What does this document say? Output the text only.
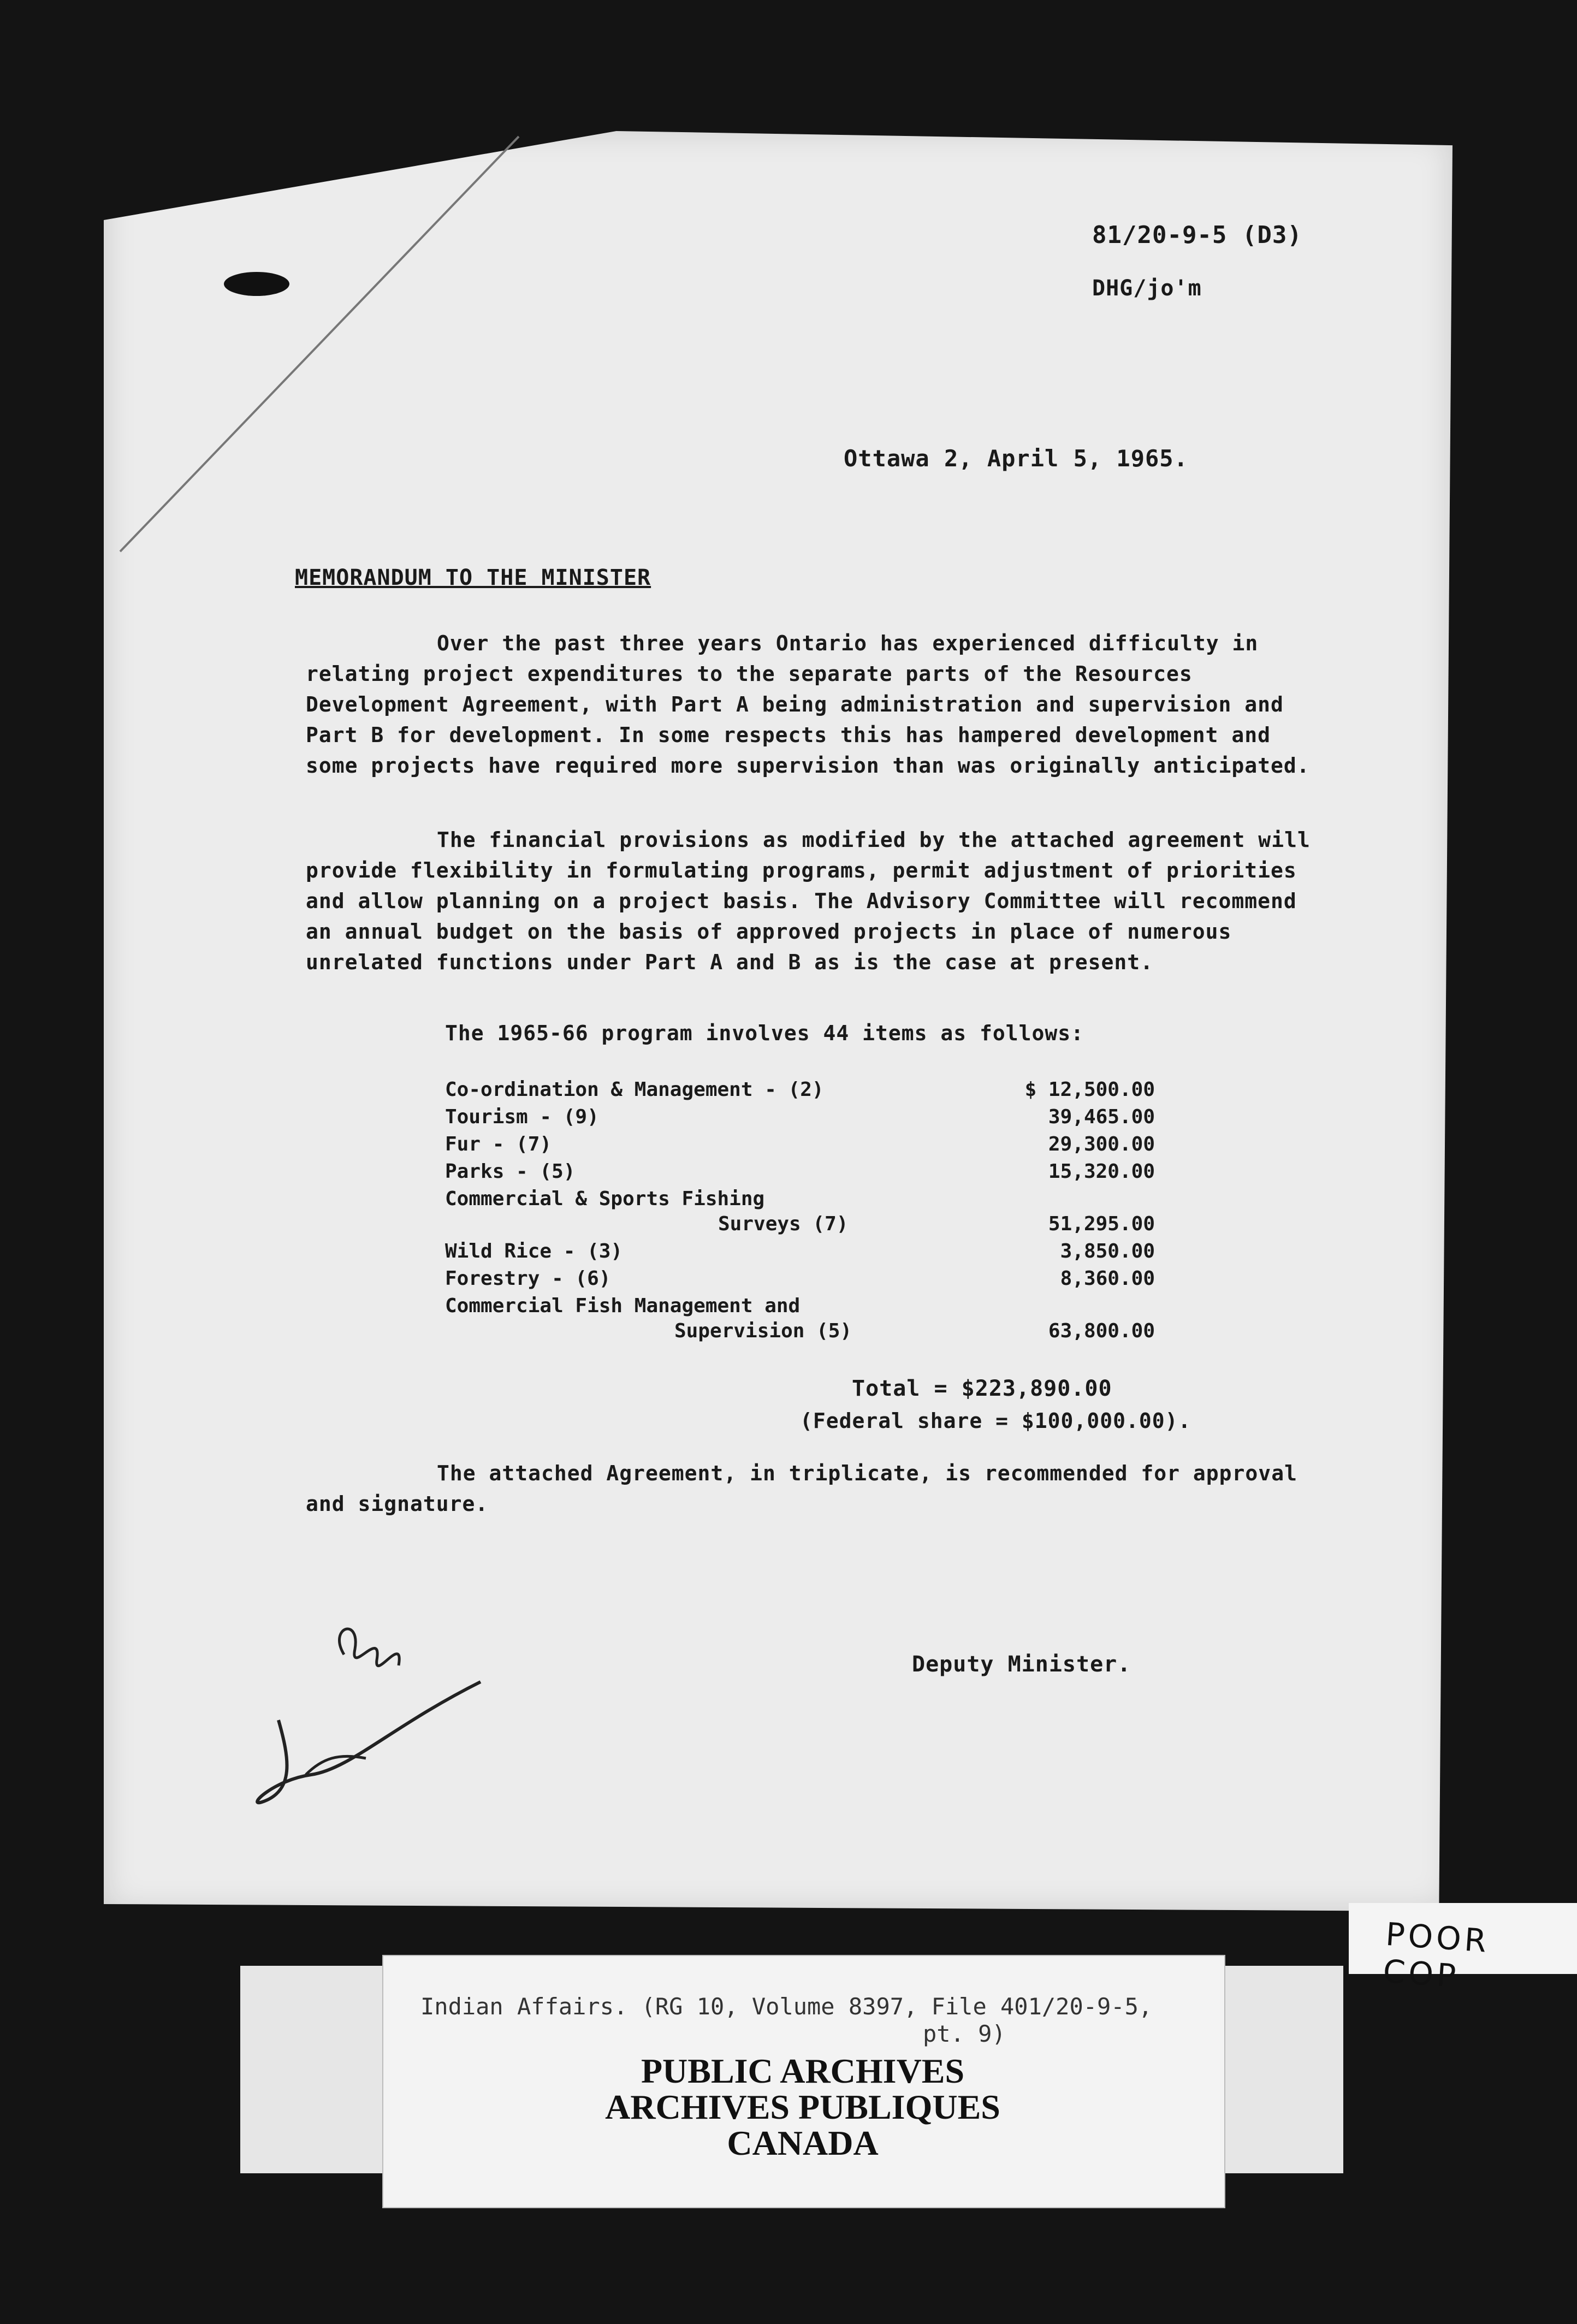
81/20-9-5 (D3)
DHG/jo'm
Ottawa 2, April 5, 1965.
MEMORANDUM TO THE MINISTER

Over the past three years Ontario has experienced difficulty in relating project expenditures to the separate parts of the Resources Development Agreement, with Part A being administration and supervision and Part B for development. In some respects this has hampered development and some projects have required more supervision than was originally anticipated.

The financial provisions as modified by the attached agreement will provide flexibility in formulating programs, permit adjustment of priorities and allow planning on a project basis. The Advisory Committee will recommend an annual budget on the basis of approved projects in place of numerous unrelated functions under Part A and B as is the case at present.

The 1965-66 program involves 44 items as follows:
Co-ordination & Management - (2)	$ 12,500.00
Tourism - (9)	39,465.00
Fur - (7)	29,300.00
Parks - (5)	15,320.00
Commercial & Sports Fishing
Surveys (7)	51,295.00
Wild Rice - (3)	3,850.00
Forestry - (6)	8,360.00
Commercial Fish Management and
Supervision (5)	63,800.00
Total = $223,890.00
(Federal share = $100,000.00).

The attached Agreement, in triplicate, is recommended for approval and signature.

Deputy Minister.
POOR COP
Indian Affairs. (RG 10, Volume 8397, File 401/20-9-5,
pt. 9)
PUBLIC ARCHIVES
ARCHIVES PUBLIQUES
CANADA
